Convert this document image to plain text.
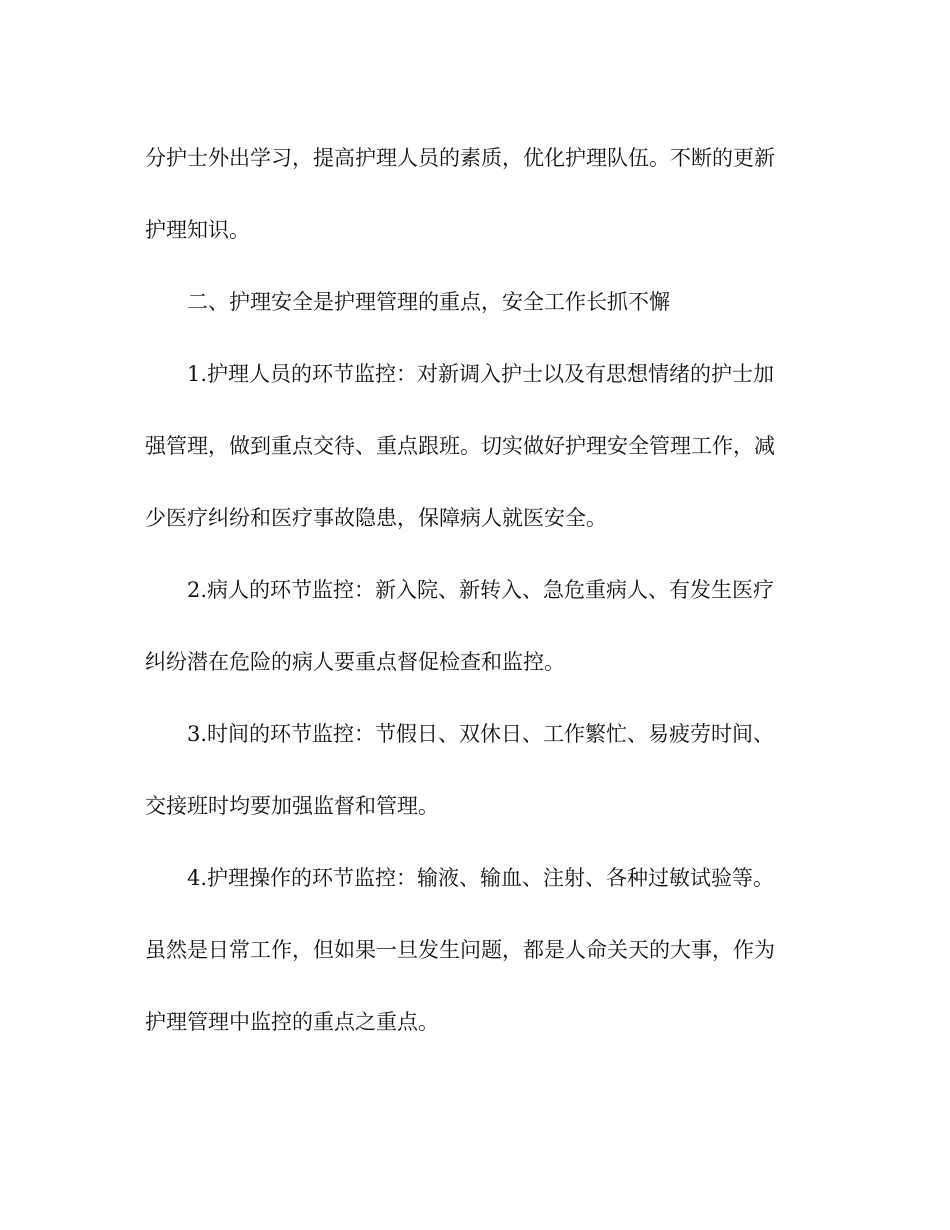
分护士外出学习，提高护理人员的素质，优化护理队伍。不断的更新
护理知识。
二、护理安全是护理管理的重点，安全工作长抓不懈
1.护理人员的环节监控：对新调入护士以及有思想情绪的护士加
强管理，做到重点交待、重点跟班。切实做好护理安全管理工作，减
少医疗纠纷和医疗事故隐患，保障病人就医安全。
2.病人的环节监控：新入院、新转入、急危重病人、有发生医疗
纠纷潜在危险的病人要重点督促检查和监控。
3.时间的环节监控：节假日、双休日、工作繁忙、易疲劳时间、
交接班时均要加强监督和管理。
4.护理操作的环节监控：输液、输血、注射、各种过敏试验等。
虽然是日常工作，但如果一旦发生问题，都是人命关天的大事，作为
护理管理中监控的重点之重点。
